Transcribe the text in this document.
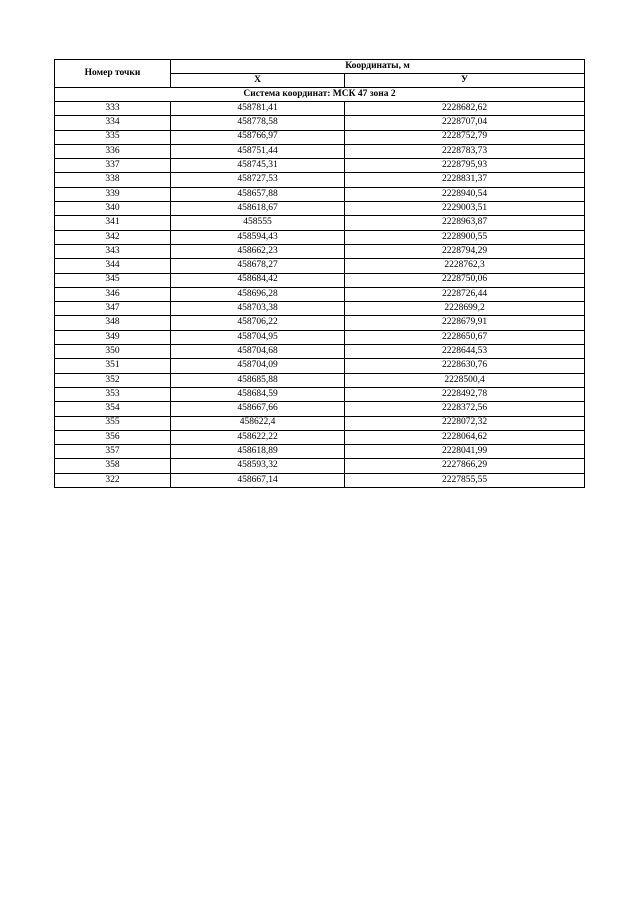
Номер точки	Координаты, м	
	X	У
Система координат: МСК 47 зона 2		
333	458781,41	2228682,62
334	458778,58	2228707,04
335	458766,97	2228752,79
336	458751,44	2228783,73
337	458745,31	2228795,93
338	458727,53	2228831,37
339	458657,88	2228940,54
340	458618,67	2229003,51
341	458555	2228963,87
342	458594,43	2228900,55
343	458662,23	2228794,29
344	458678,27	2228762,3
345	458684,42	2228750,06
346	458696,28	2228726,44
347	458703,38	2228699,2
348	458706,22	2228679,91
349	458704,95	2228650,67
350	458704,68	2228644,53
351	458704,09	2228630,76
352	458685,88	2228500,4
353	458684,59	2228492,78
354	458667,66	2228372,56
355	458622,4	2228072,32
356	458622,22	2228064,62
357	458618,89	2228041,99
358	458593,32	2227866,29
322	458667,14	2227855,55
